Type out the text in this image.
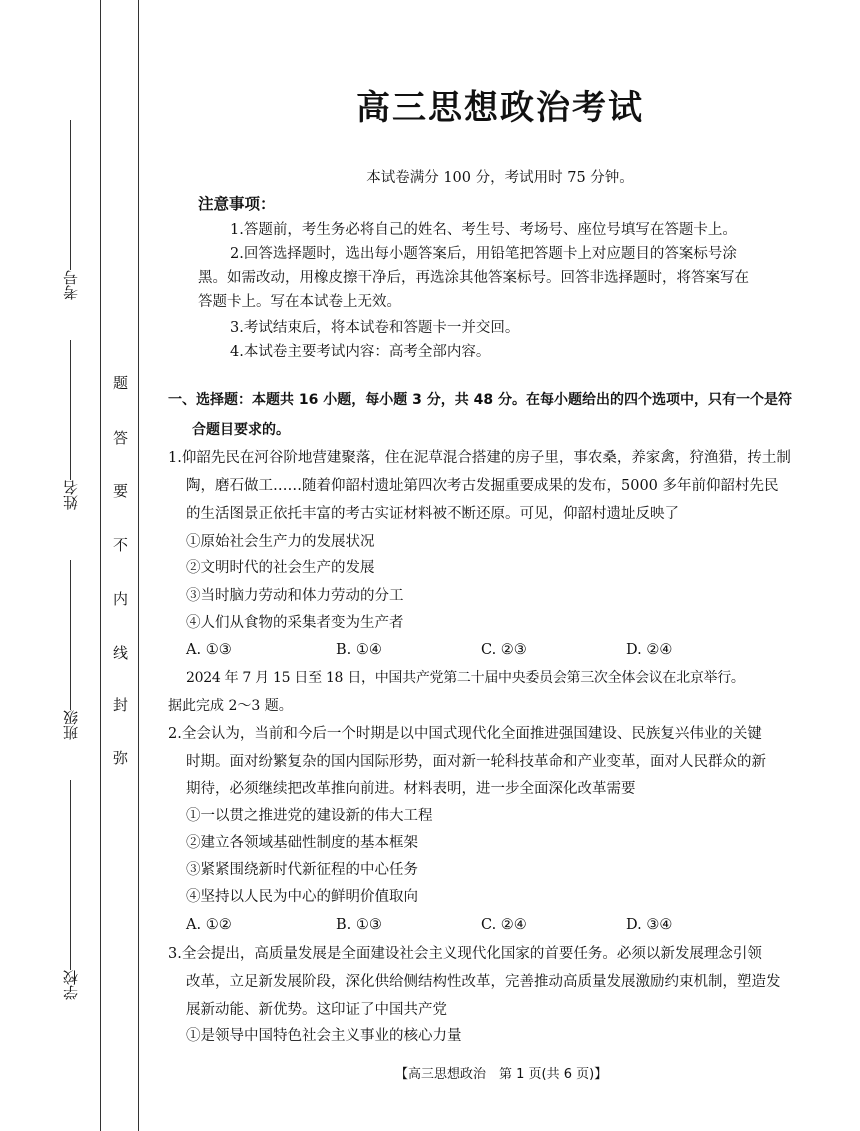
考号
姓名
班级
学校
题
答
要
不
内
线
封
弥
高三思想政治考试
本试卷满分 100 分，考试用时 75 分钟。
注意事项：
1.答题前，考生务必将自己的姓名、考生号、考场号、座位号填写在答题卡上。
2.回答选择题时，选出每小题答案后，用铅笔把答题卡上对应题目的答案标号涂
黑。如需改动，用橡皮擦干净后，再选涂其他答案标号。回答非选择题时，将答案写在
答题卡上。写在本试卷上无效。
3.考试结束后，将本试卷和答题卡一并交回。
4.本试卷主要考试内容：高考全部内容。
一、选择题：本题共 16 小题，每小题 3 分，共 48 分。在每小题给出的四个选项中，只有一个是符
合题目要求的。
1.仰韶先民在河谷阶地营建聚落，住在泥草混合搭建的房子里，事农桑，养家禽，狩渔猎，抟土制
陶，磨石做工……随着仰韶村遗址第四次考古发掘重要成果的发布，5000 多年前仰韶村先民
的生活图景正依托丰富的考古实证材料被不断还原。可见，仰韶村遗址反映了
①原始社会生产力的发展状况
②文明时代的社会生产的发展
③当时脑力劳动和体力劳动的分工
④人们从食物的采集者变为生产者
A. ①③	B. ①④	C. ②③	D. ②④
2024 年 7 月 15 日至 18 日，中国共产党第二十届中央委员会第三次全体会议在北京举行。
据此完成 2～3 题。
2.全会认为，当前和今后一个时期是以中国式现代化全面推进强国建设、民族复兴伟业的关键
时期。面对纷繁复杂的国内国际形势，面对新一轮科技革命和产业变革，面对人民群众的新
期待，必须继续把改革推向前进。材料表明，进一步全面深化改革需要
①一以贯之推进党的建设新的伟大工程
②建立各领域基础性制度的基本框架
③紧紧围绕新时代新征程的中心任务
④坚持以人民为中心的鲜明价值取向
A. ①②	B. ①③	C. ②④	D. ③④
3.全会提出，高质量发展是全面建设社会主义现代化国家的首要任务。必须以新发展理念引领
改革，立足新发展阶段，深化供给侧结构性改革，完善推动高质量发展激励约束机制，塑造发
展新动能、新优势。这印证了中国共产党
①是领导中国特色社会主义事业的核心力量
【高三思想政治　第 1 页(共 6 页)】
